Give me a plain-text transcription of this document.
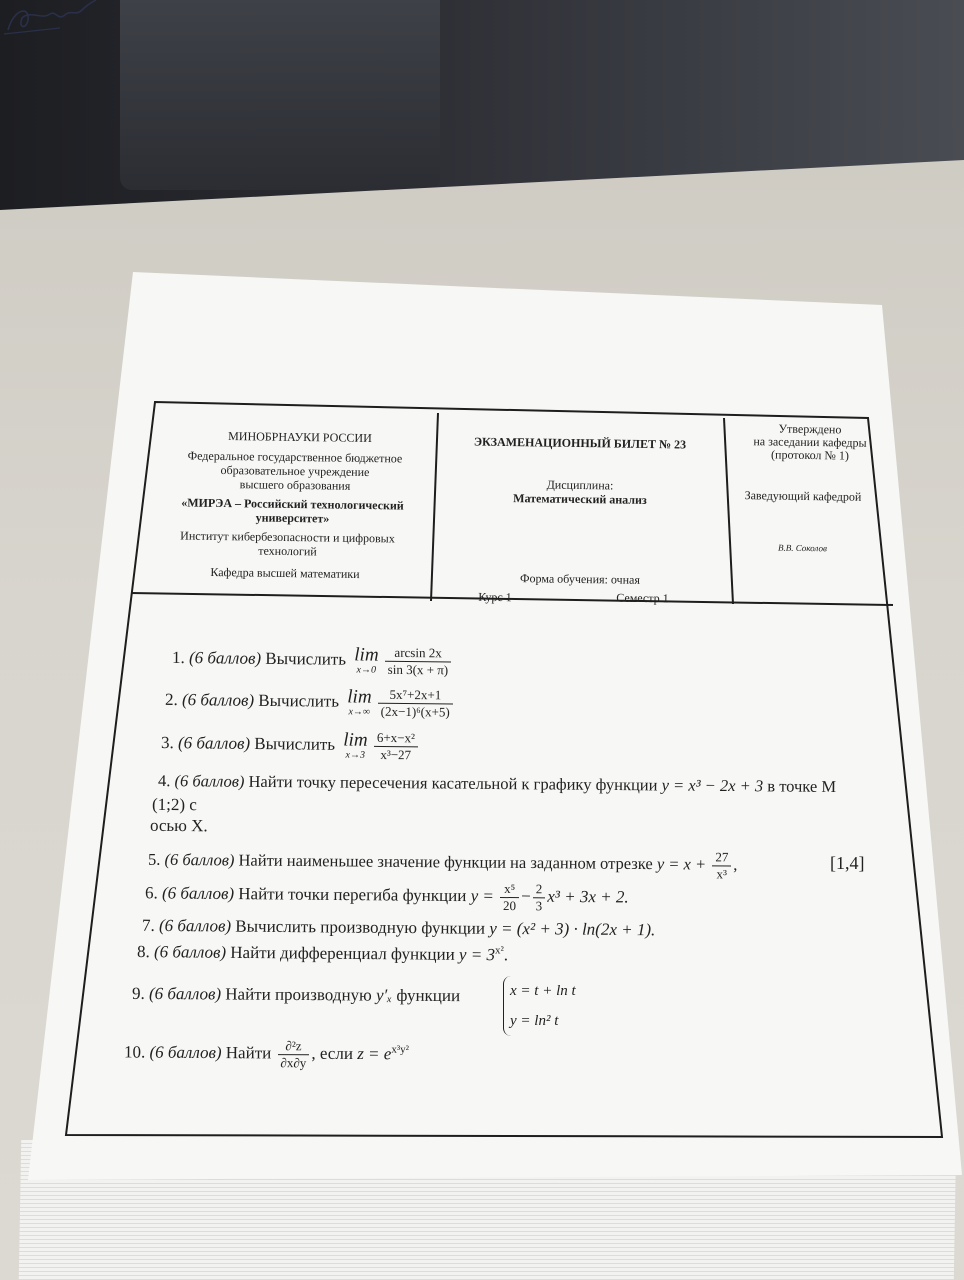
МИНОБРНАУКИ РОССИИ
Федеральное государственное бюджетное
образовательное учреждение
высшего образования
«МИРЭА – Российский технологический
университет»
Институт кибербезопасности и цифровых
технологий
Кафедра высшей математики
ЭКЗАМЕНАЦИОННЫЙ БИЛЕТ № 23
Дисциплина:
Математический анализ
Форма обучения: очная
Курс 1	Семестр 1
Утверждено
на заседании кафедры
(протокол № 1)
Заведующий кафедрой
В.В. Соколов
1. (6 баллов) Вычислить lim
x→0
$\frac{\arcsin 2x}{\sin 3(x + \pi)}$
2. (6 баллов) Вычислить lim
x→∞
$\frac{\text{5x⁷+2x+1}}{\text{(2x−1)⁶(x+5)}}$
3. (6 баллов) Вычислить lim
x→3
$\frac{\text{6+x−x²}}{\text{x³−27}}$
4. (6 баллов) Найти точку пересечения касательной к графику функции y = x³ − 2x + 3 в точке М
(1;2) с
осью X.
5. (6 баллов) Найти наименьшее значение функции на заданном отрезке $y = x + \frac{27}{\text{x³}}$ ,	[1,4]
6. (6 баллов) Найти точки перегиба функции $y = \frac{\text{x⁵}}{20} - \frac{2}{3} x^3 + 3x + 2$.
7. (6 баллов) Вычислить производную функции y = (x² + 3) · ln(2x + 1).
8. (6 баллов) Найти дифференциал функции $y = 3^{x^2}$.
9. (6 баллов) Найти производную y′ₓ функции	x = t + ln t
y = ln² t
10. (6 баллов) Найти $\frac{\text{∂²z}}{\partial x\partial y}$ , если $z = e^{x^3y^2}$
